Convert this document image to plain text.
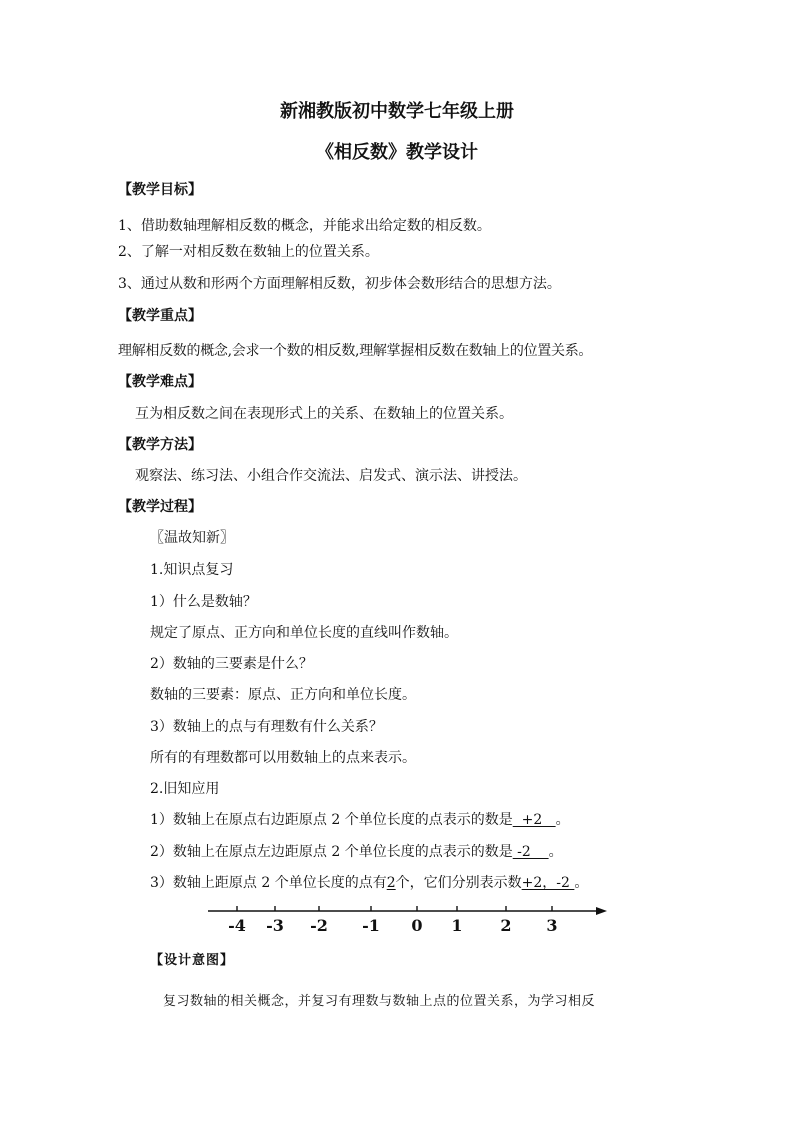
新湘教版初中数学七年级上册
《相反数》教学设计
【教学目标】
1、借助数轴理解相反数的概念，并能求出给定数的相反数。
2、了解一对相反数在数轴上的位置关系。
3、通过从数和形两个方面理解相反数，初步体会数形结合的思想方法。
【教学重点】
理解相反数的概念,会求一个数的相反数,理解掌握相反数在数轴上的位置关系。
【教学难点】
互为相反数之间在表现形式上的关系、在数轴上的位置关系。
【教学方法】
观察法、练习法、小组合作交流法、启发式、演示法、讲授法。
【教学过程】
〖温故知新〗
1.知识点复习
1）什么是数轴？
规定了原点、正方向和单位长度的直线叫作数轴。
2）数轴的三要素是什么？
数轴的三要素：原点、正方向和单位长度。
3）数轴上的点与有理数有什么关系？
所有的有理数都可以用数轴上的点来表示。
2.旧知应用
1）数轴上在原点右边距原点 2 个单位长度的点表示的数是  +2   。
2）数轴上在原点左边距原点 2 个单位长度的点表示的数是 -2    。
3）数轴上距原点 2 个单位长度的点有2个，它们分别表示数+2，-2 。
-4 -3 -2 -1 0 1 2 3
【设计意图】
复习数轴的相关概念，并复习有理数与数轴上点的位置关系，为学习相反
